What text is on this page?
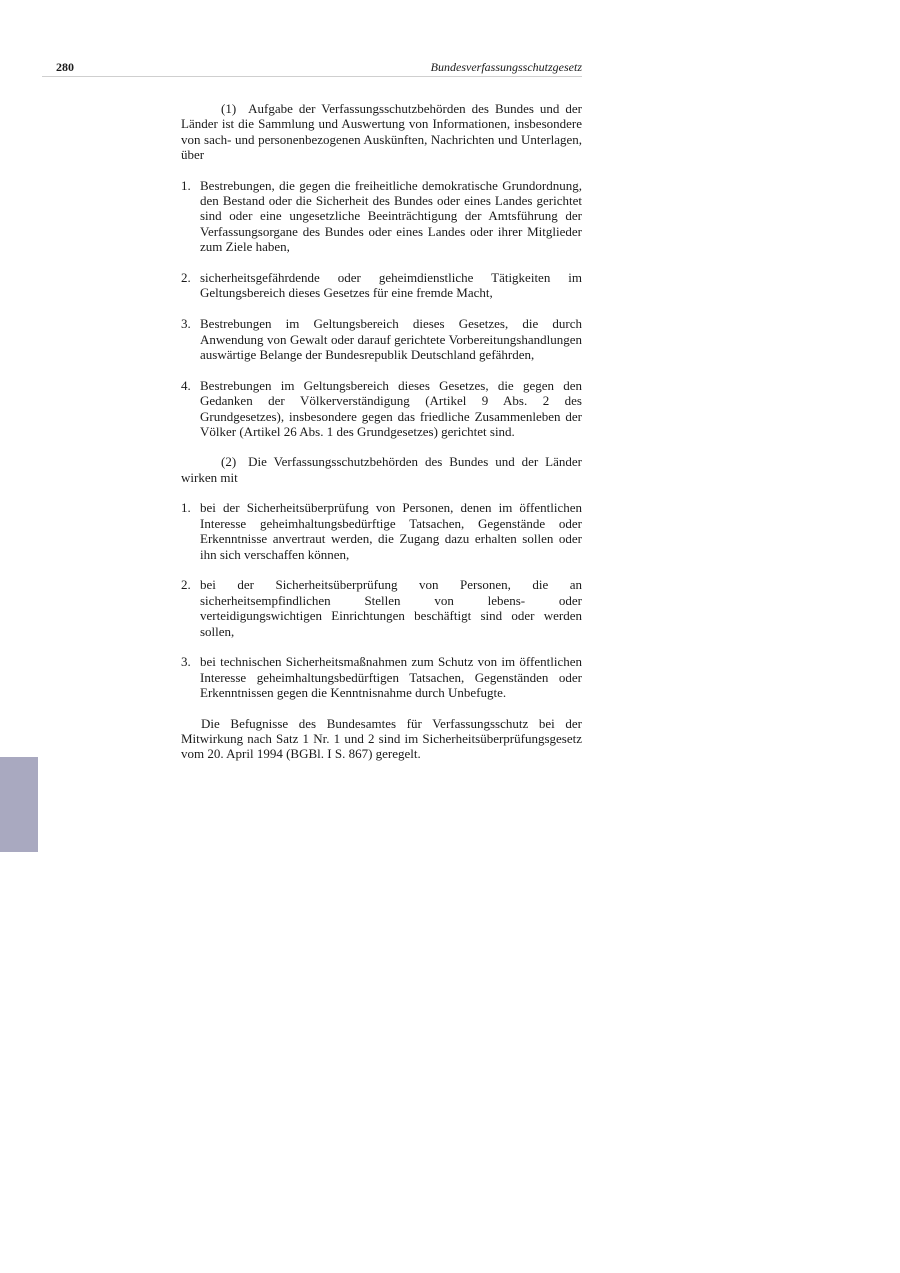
280	Bundesverfassungsschutzgesetz

(1) Aufgabe der Verfassungsschutzbehörden des Bundes und der Länder ist die Sammlung und Auswertung von Informationen, insbesondere von sach- und personenbezogenen Auskünften, Nachrichten und Unterlagen, über

1. Bestrebungen, die gegen die freiheitliche demokratische Grundordnung, den Bestand oder die Sicherheit des Bundes oder eines Landes gerichtet sind oder eine ungesetzliche Beeinträchtigung der Amtsführung der Verfassungsorgane des Bundes oder eines Landes oder ihrer Mitglieder zum Ziele haben,
2. sicherheitsgefährdende oder geheimdienstliche Tätigkeiten im Geltungsbereich dieses Gesetzes für eine fremde Macht,
3. Bestrebungen im Geltungsbereich dieses Gesetzes, die durch Anwendung von Gewalt oder darauf gerichtete Vorbereitungshandlungen auswärtige Belange der Bundesrepublik Deutschland gefährden,
4. Bestrebungen im Geltungsbereich dieses Gesetzes, die gegen den Gedanken der Völkerverständigung (Artikel 9 Abs. 2 des Grundgesetzes), insbesondere gegen das friedliche Zusammenleben der Völker (Artikel 26 Abs. 1 des Grundgesetzes) gerichtet sind.

(2) Die Verfassungsschutzbehörden des Bundes und der Länder wirken mit

1. bei der Sicherheitsüberprüfung von Personen, denen im öffentlichen Interesse geheimhaltungsbedürftige Tatsachen, Gegenstände oder Erkenntnisse anvertraut werden, die Zugang dazu erhalten sollen oder ihn sich verschaffen können,
2. bei der Sicherheitsüberprüfung von Personen, die an sicherheitsempfindlichen Stellen von lebens- oder verteidigungswichtigen Einrichtungen beschäftigt sind oder werden sollen,
3. bei technischen Sicherheitsmaßnahmen zum Schutz von im öffentlichen Interesse geheimhaltungsbedürftigen Tatsachen, Gegenständen oder Erkenntnissen gegen die Kenntnisnahme durch Unbefugte.

Die Befugnisse des Bundesamtes für Verfassungsschutz bei der Mitwirkung nach Satz 1 Nr. 1 und 2 sind im Sicherheitsüberprüfungsgesetz vom 20. April 1994 (BGBl. I S. 867) geregelt.
